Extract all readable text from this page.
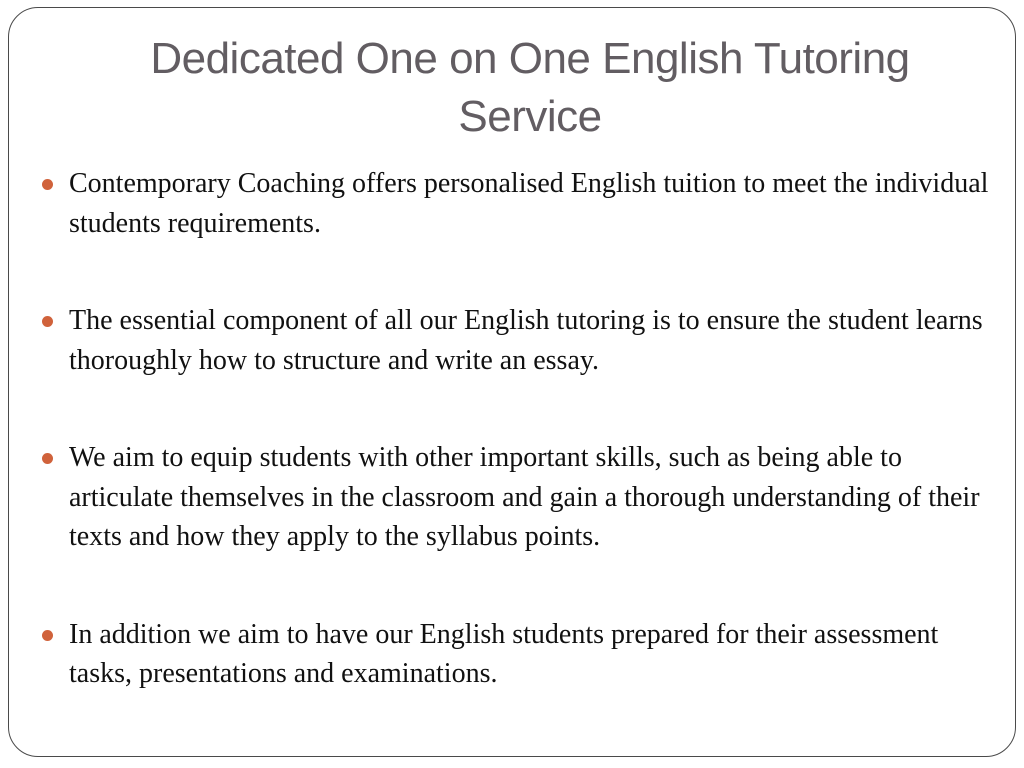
Dedicated One on One English Tutoring Service
Contemporary Coaching offers personalised English tuition to meet the individual students requirements.
The essential component of all our English tutoring is to ensure the student learns thoroughly how to structure and write an essay.
We aim to equip students with other important skills, such as being able to articulate themselves in the classroom and gain a thorough understanding of their texts and how they apply to the syllabus points.
In addition we aim to have our English students prepared for their assessment tasks, presentations and examinations.
